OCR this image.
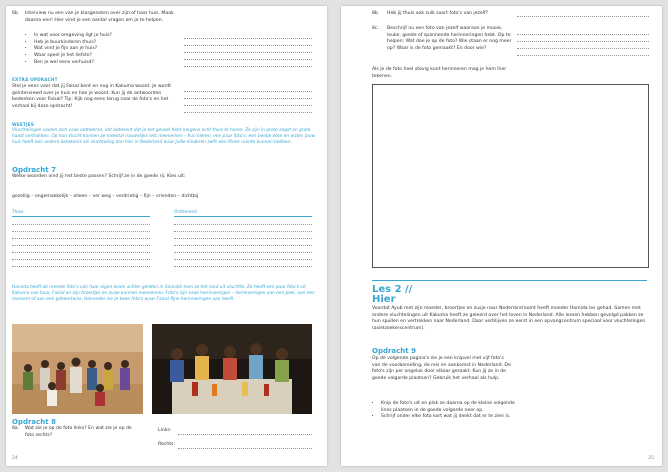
6b. Interview nu een van je klasgenoten over zijn of haar huis. Maak daarna een! Hier vind je een aantal vragen om je te helpen.
• In wat voor omgeving ligt je huis?
• Heb je buurkinderen thuis?
• Wat vind je fijn aan je huis?
• Waar speel je het liefste?
• Ben je wel eens verhuisd?
EXTRA OPDRACHT
Stel je eens voor dat jij Faisal bent en nog in Kakuma woont. Je wordt geïnterviewd over je huis en hoe je woont. Kun jij de antwoorden bedenken voor Faisal? Tip: Kijk nog eens terug naar de foto's en het verhaal bij deze opdracht!
WEETJES
Vluchtelingen voelen zich vaak ontheemd, dat betekent dat je het gevoel hebt nergens echt thuis te horen. Ze zijn in grote angst en grote haast vertrokken. Op hun vlucht kunnen ze meestal nauwelijks iets meenemen – hun kleren, een paar foto's, een beetje eten en water. Jouw huis heeft een andere betekenis als vluchteling dan hier in Nederland waar jullie kinderen zelfs een flinke ruimte kunnen hebben.
Opdracht 7
Welke woorden vind jij het beste passen? Schrijf ze in de goede rij. Kies uit:
gezellig – ongemakkelijk – alleen – ver weg – verdrietig – fijn – vrienden – dichtbij
Thuis	Onthemed
Hamida heeft de meeste foto's van haar eigen leven achter gelaten in Somalië toen ze het land uit vluchtte. Ze heeft een paar foto's uit Kakuma van haar, Faisal en zijn broertjes en zusje kunnen meenemen. Foto's zijn vaak herinneringen – herinneringen aan een plek, aan een moment of aan een gebeurtenis. Hieronder zie je twee foto's waar Faisal fijne herinneringen aan heeft.
Opdracht 8
8a. Wat zie je op de foto links? En wat zie je op de foto rechts?
Links:
Rechts:
24
8b. Heb jij thuis ook zulk soort foto's van jezelf?
8c. Beschrijf nu een foto van jezelf waaraan je mooie, leuke, goede of spannende herinneringen hebt. Op te helpen: Wat doe je op de foto? Wie staan er nog meer op? Waar is de foto gemaakt? En door wie?
Als je de foto heel stevig kunt herinneren mag je hem hier tekenen.
Les 2 //
Hier
Voordat Ayub met zijn moeder, broertjes en zusje naar Nederland komt heeft moeder Hamida les gehad. Samen met andere vluchtelingen uit Kakuma heeft ze geleerd over het leven in Nederland. Alle lessen hebben gevolgd pakken ze hun spullen en vertrekken naar Nederland. Daar verblijven ze eerst in een opvangcentrum speciaal voor vluchtelingen (asielzoekerscentrum).
Opdracht 9
Op de volgende pagina's zie je een knipvel met vijf foto's van de voorbereiding, de reis en aankomst in Nederland. De foto's zijn per ongeluk door elkaar geraakt. Kun jij ze in de goede volgorde plaatsen? Gebruik het verhaal als hulp.
• Knip de foto's uit en plak ze daarna op de kleine volgende lines plaatsen in de goede volgorde neer op.
• Schrijf onder elke foto kort wat jij denkt dat er te zien is.
25
